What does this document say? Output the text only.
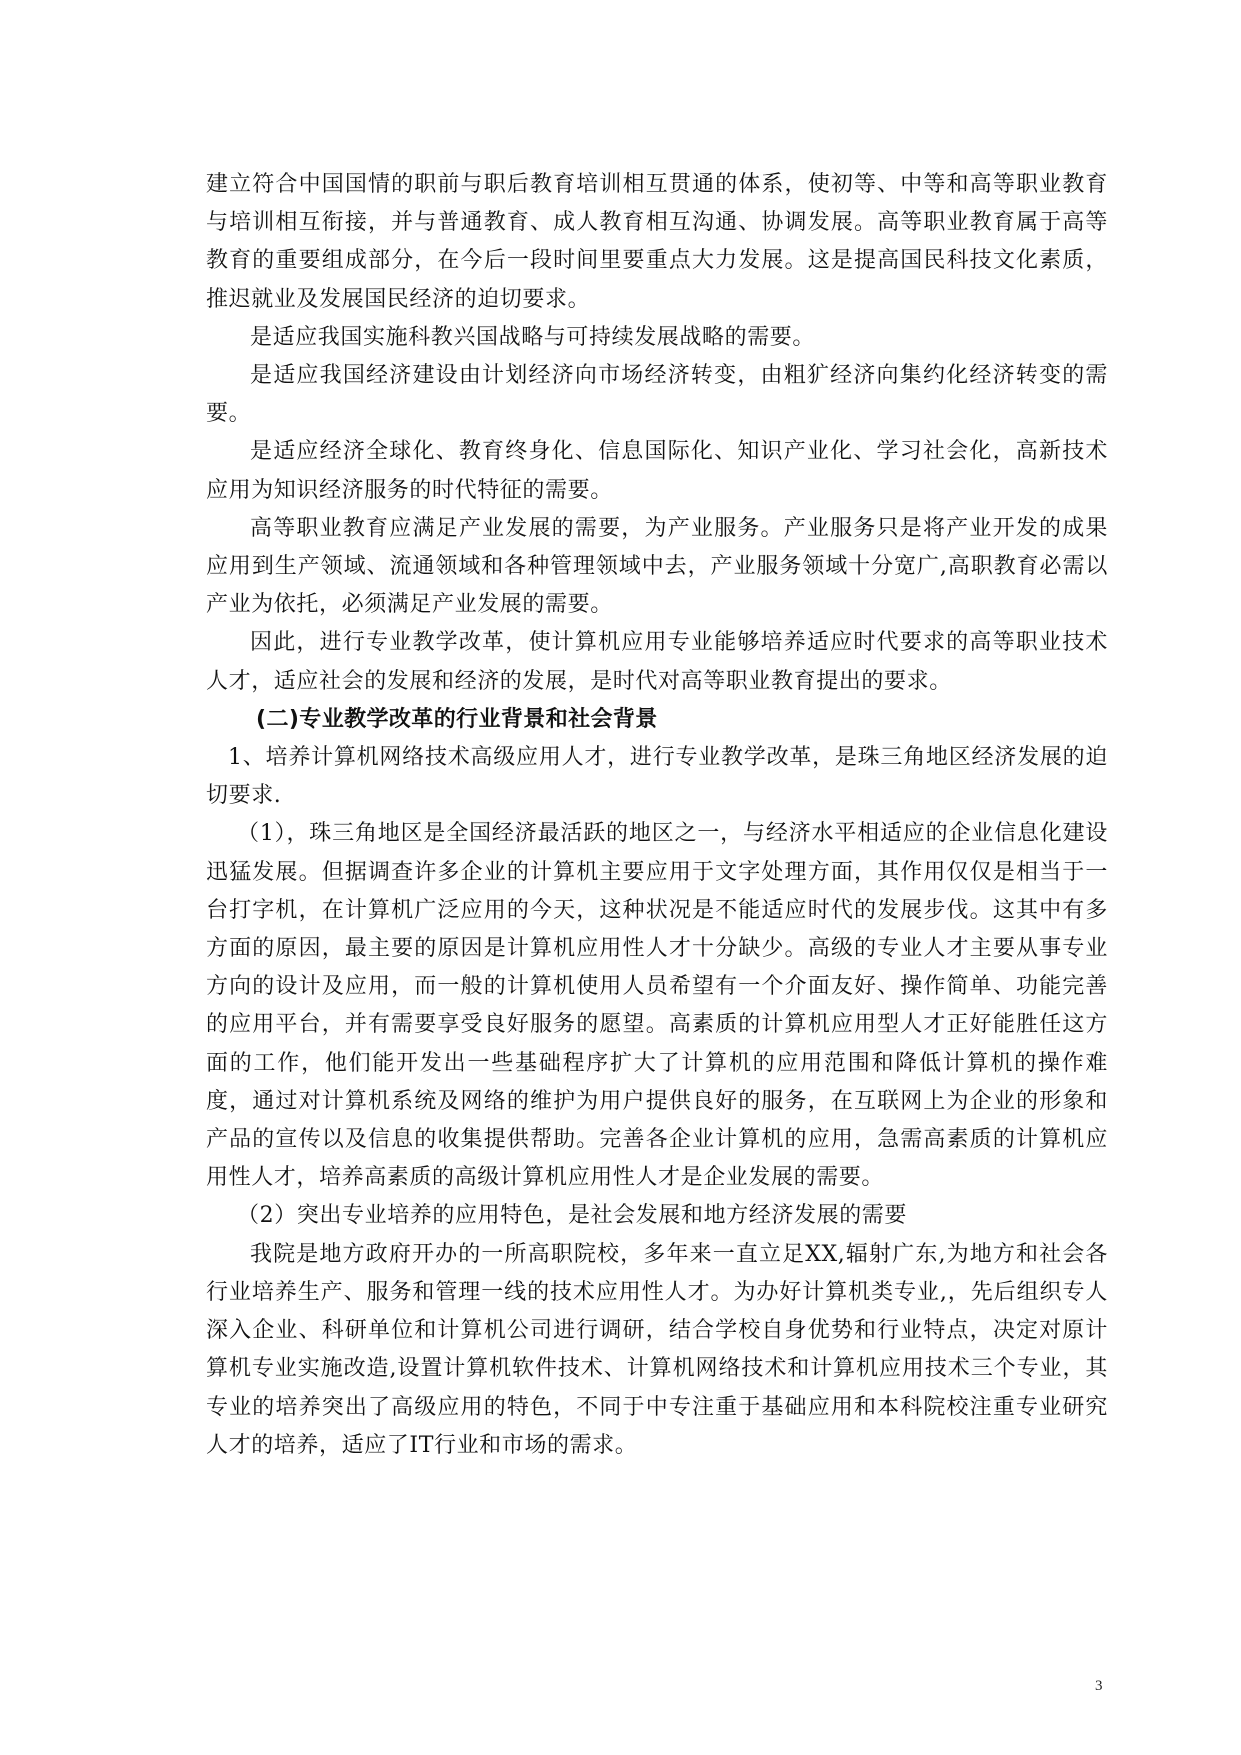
建立符合中国国情的职前与职后教育培训相互贯通的体系，使初等、中等和高等职业教育与培训相互衔接，并与普通教育、成人教育相互沟通、协调发展。高等职业教育属于高等教育的重要组成部分，在今后一段时间里要重点大力发展。这是提高国民科技文化素质，推迟就业及发展国民经济的迫切要求。

是适应我国实施科教兴国战略与可持续发展战略的需要。

是适应我国经济建设由计划经济向市场经济转变，由粗犷经济向集约化经济转变的需要。

是适应经济全球化、教育终身化、信息国际化、知识产业化、学习社会化，高新技术应用为知识经济服务的时代特征的需要。

高等职业教育应满足产业发展的需要，为产业服务。产业服务只是将产业开发的成果应用到生产领域、流通领域和各种管理领域中去，产业服务领域十分宽广,高职教育必需以产业为依托，必须满足产业发展的需要。

因此，进行专业教学改革，使计算机应用专业能够培养适应时代要求的高等职业技术人才，适应社会的发展和经济的发展，是时代对高等职业教育提出的要求。

(二)专业教学改革的行业背景和社会背景

1、培养计算机网络技术高级应用人才，进行专业教学改革，是珠三角地区经济发展的迫切要求.

（1），珠三角地区是全国经济最活跃的地区之一，与经济水平相适应的企业信息化建设迅猛发展。但据调查许多企业的计算机主要应用于文字处理方面，其作用仅仅是相当于一台打字机，在计算机广泛应用的今天，这种状况是不能适应时代的发展步伐。这其中有多方面的原因，最主要的原因是计算机应用性人才十分缺少。高级的专业人才主要从事专业方向的设计及应用，而一般的计算机使用人员希望有一个介面友好、操作简单、功能完善的应用平台，并有需要享受良好服务的愿望。高素质的计算机应用型人才正好能胜任这方面的工作，他们能开发出一些基础程序扩大了计算机的应用范围和降低计算机的操作难度，通过对计算机系统及网络的维护为用户提供良好的服务，在互联网上为企业的形象和产品的宣传以及信息的收集提供帮助。完善各企业计算机的应用，急需高素质的计算机应用性人才，培养高素质的高级计算机应用性人才是企业发展的需要。

（2）突出专业培养的应用特色，是社会发展和地方经济发展的需要

我院是地方政府开办的一所高职院校，多年来一直立足XX,辐射广东,为地方和社会各行业培养生产、服务和管理一线的技术应用性人才。为办好计算机类专业,，先后组织专人深入企业、科研单位和计算机公司进行调研，结合学校自身优势和行业特点，决定对原计算机专业实施改造,设置计算机软件技术、计算机网络技术和计算机应用技术三个专业，其专业的培养突出了高级应用的特色，不同于中专注重于基础应用和本科院校注重专业研究人才的培养，适应了IT行业和市场的需求。

3
